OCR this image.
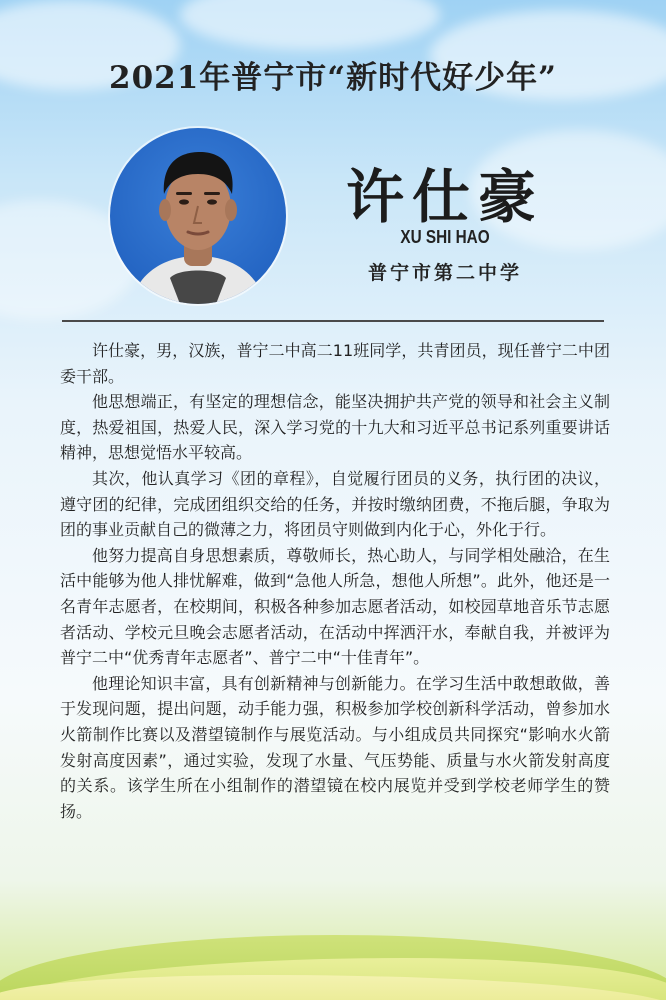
2021年普宁市“新时代好少年”
许仕豪
XU SHI HAO
普宁市第二中学

许仕豪，男，汉族，普宁二中高二11班同学，共青团员，现任普宁二中团委干部。

他思想端正，有坚定的理想信念，能坚决拥护共产党的领导和社会主义制度，热爱祖国，热爱人民，深入学习党的十九大和习近平总书记系列重要讲话精神，思想觉悟水平较高。

其次，他认真学习《团的章程》，自觉履行团员的义务，执行团的决议，遵守团的纪律，完成团组织交给的任务，并按时缴纳团费，不拖后腿，争取为团的事业贡献自己的微薄之力，将团员守则做到内化于心，外化于行。

他努力提高自身思想素质，尊敬师长，热心助人，与同学相处融洽，在生活中能够为他人排忧解难，做到“急他人所急，想他人所想”。此外，他还是一名青年志愿者，在校期间，积极各种参加志愿者活动，如校园草地音乐节志愿者活动、学校元旦晚会志愿者活动，在活动中挥洒汗水，奉献自我，并被评为普宁二中“优秀青年志愿者”、普宁二中“十佳青年”。

他理论知识丰富，具有创新精神与创新能力。在学习生活中敢想敢做，善于发现问题，提出问题，动手能力强，积极参加学校创新科学活动，曾参加水火箭制作比赛以及潜望镜制作与展览活动。与小组成员共同探究“影响水火箭发射高度因素”，通过实验，发现了水量、气压势能、质量与水火箭发射高度的关系。该学生所在小组制作的潜望镜在校内展览并受到学校老师学生的赞扬。
